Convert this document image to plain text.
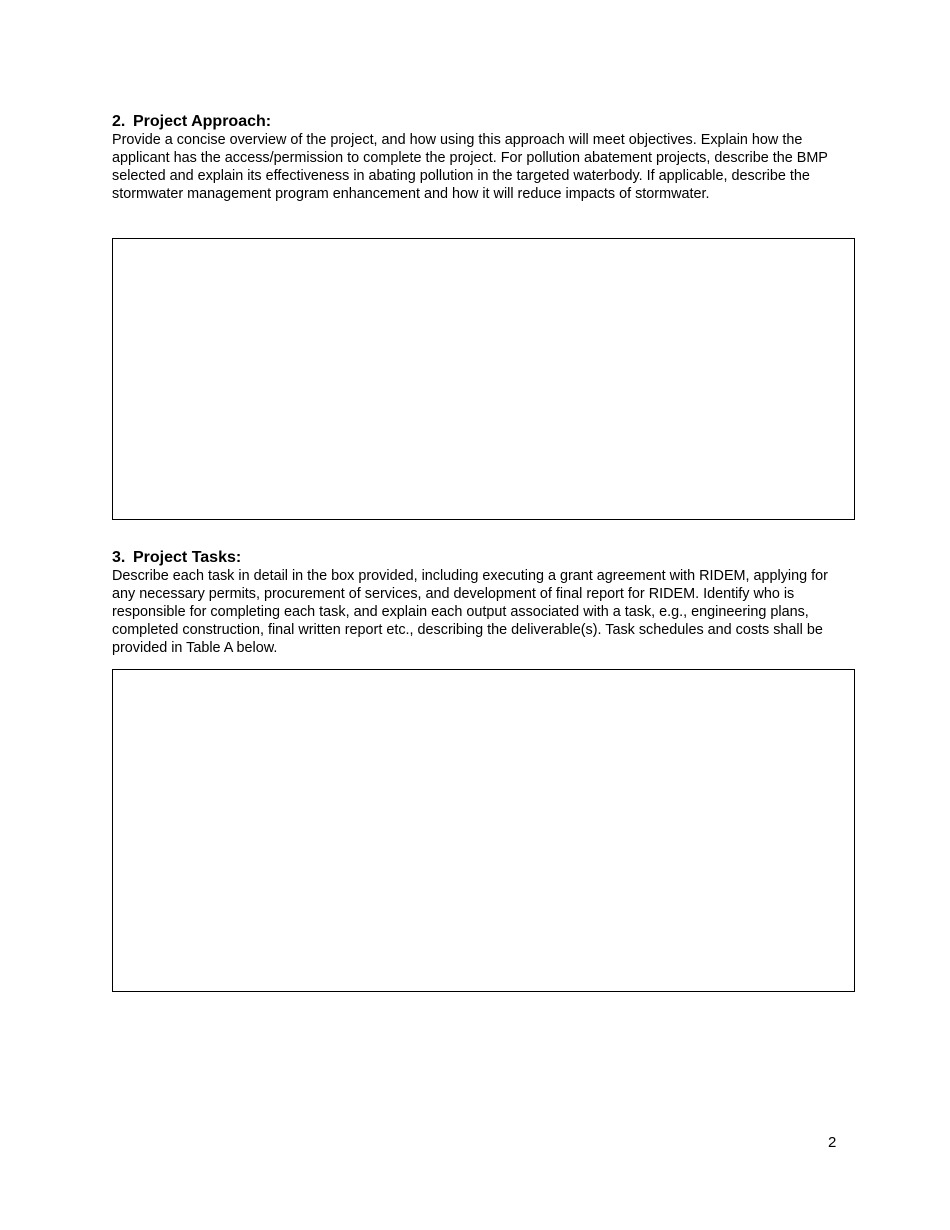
2. Project Approach:

Provide a concise overview of the project, and how using this approach will meet objectives. Explain how the applicant has the access/permission to complete the project. For pollution abatement projects, describe the BMP selected and explain its effectiveness in abating pollution in the targeted waterbody. If applicable, describe the stormwater management program enhancement and how it will reduce impacts of stormwater.

3. Project Tasks:

Describe each task in detail in the box provided, including executing a grant agreement with RIDEM, applying for any necessary permits, procurement of services, and development of final report for RIDEM. Identify who is responsible for completing each task, and explain each output associated with a task, e.g., engineering plans, completed construction, final written report etc., describing the deliverable(s). Task schedules and costs shall be provided in Table A below.

2
